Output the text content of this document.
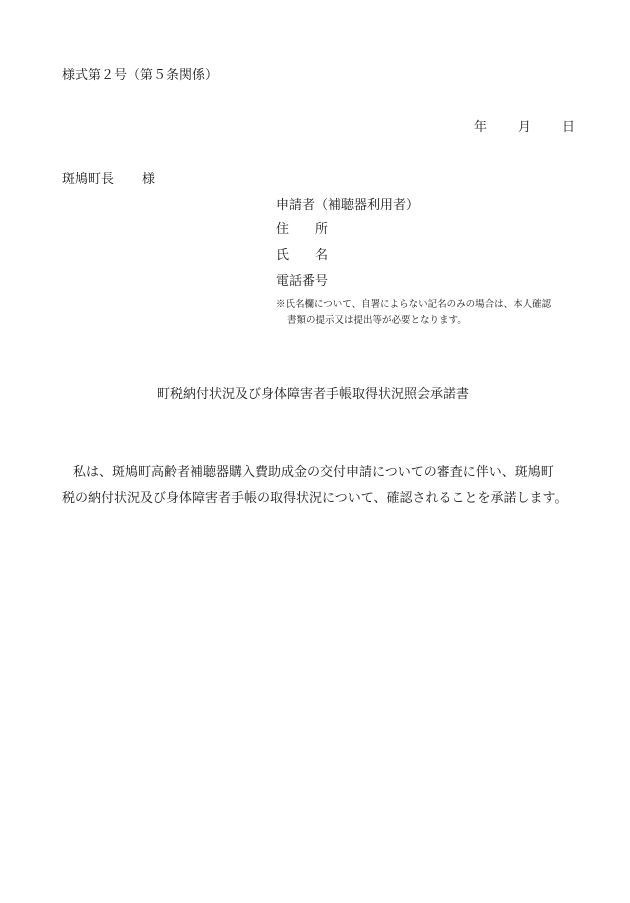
様式第２号（第５条関係）
年 月 日
斑鳩町長 様
申請者（補聴器利用者）
住 所
氏 名
電話番号
※氏名欄について、自署によらない記名のみの場合は、本人確認
書類の提示又は提出等が必要となります。
町税納付状況及び身体障害者手帳取得状況照会承諾書
私は、斑鳩町高齢者補聴器購入費助成金の交付申請についての審査に伴い、斑鳩町
税の納付状況及び身体障害者手帳の取得状況について、確認されることを承諾します。
